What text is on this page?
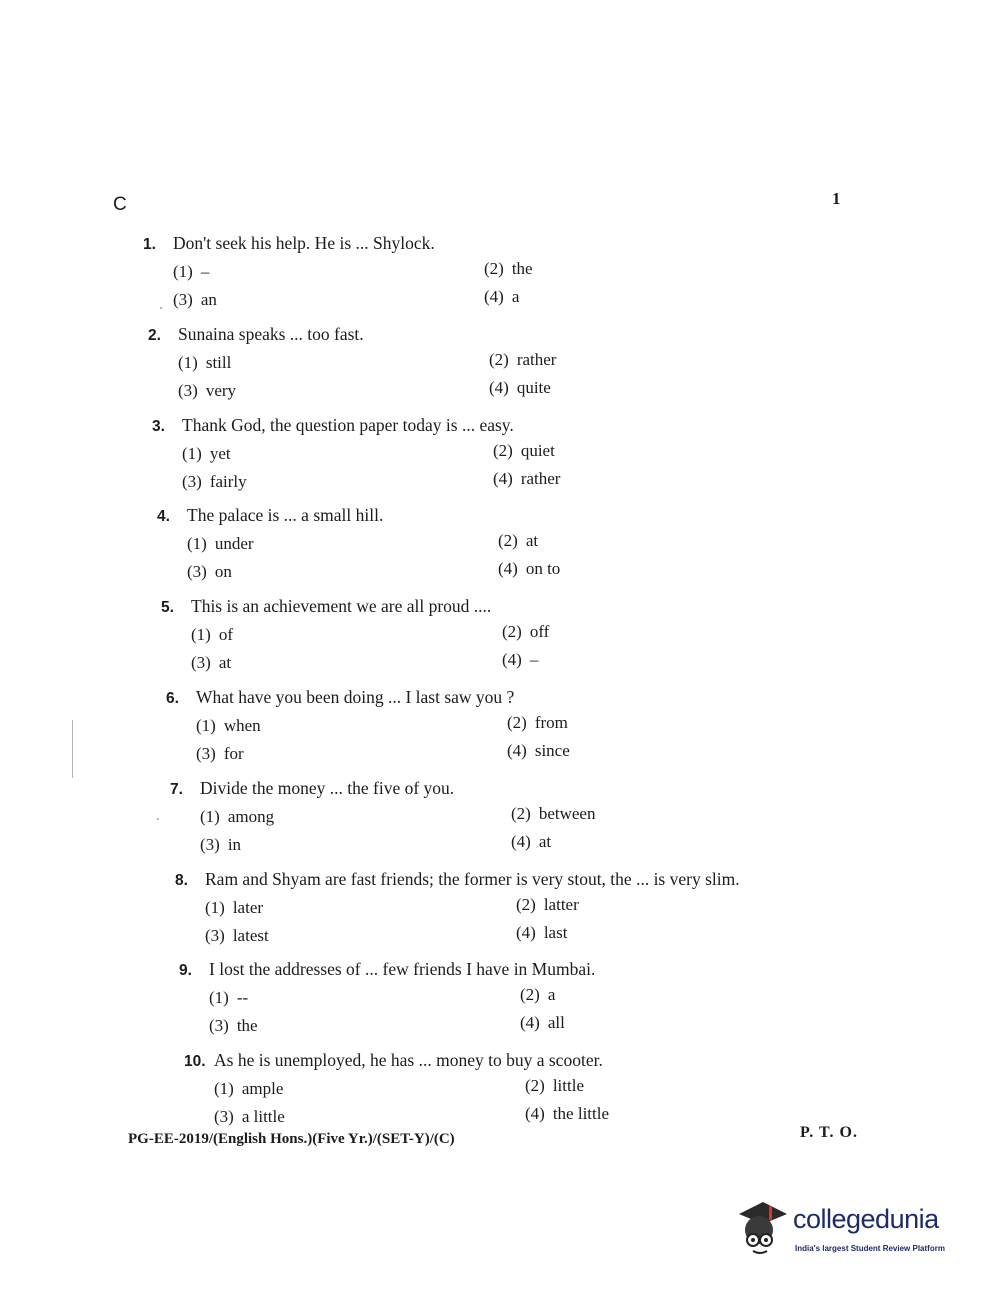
C	1
1. Don't seek his help. He is ... Shylock.
(1) –	(2) the
(3) an	(4) a
2. Sunaina speaks ... too fast.
(1) still	(2) rather
(3) very	(4) quite
3. Thank God, the question paper today is ... easy.
(1) yet	(2) quiet
(3) fairly	(4) rather
4. The palace is ... a small hill.
(1) under	(2) at
(3) on	(4) on to
5. This is an achievement we are all proud ....
(1) of	(2) off
(3) at	(4) –
6. What have you been doing ... I last saw you ?
(1) when	(2) from
(3) for	(4) since
7. Divide the money ... the five of you.
(1) among	(2) between
(3) in	(4) at
8. Ram and Shyam are fast friends; the former is very stout, the ... is very slim.
(1) later	(2) latter
(3) latest	(4) last
9. I lost the addresses of ... few friends I have in Mumbai.
(1) --	(2) a
(3) the	(4) all
10. As he is unemployed, he has ... money to buy a scooter.
(1) ample	(2) little
(3) a little	(4) the little
PG-EE-2019/(English Hons.)(Five Yr.)/(SET-Y)/(C)	P. T. O.
collegedunia
India's largest Student Review Platform
